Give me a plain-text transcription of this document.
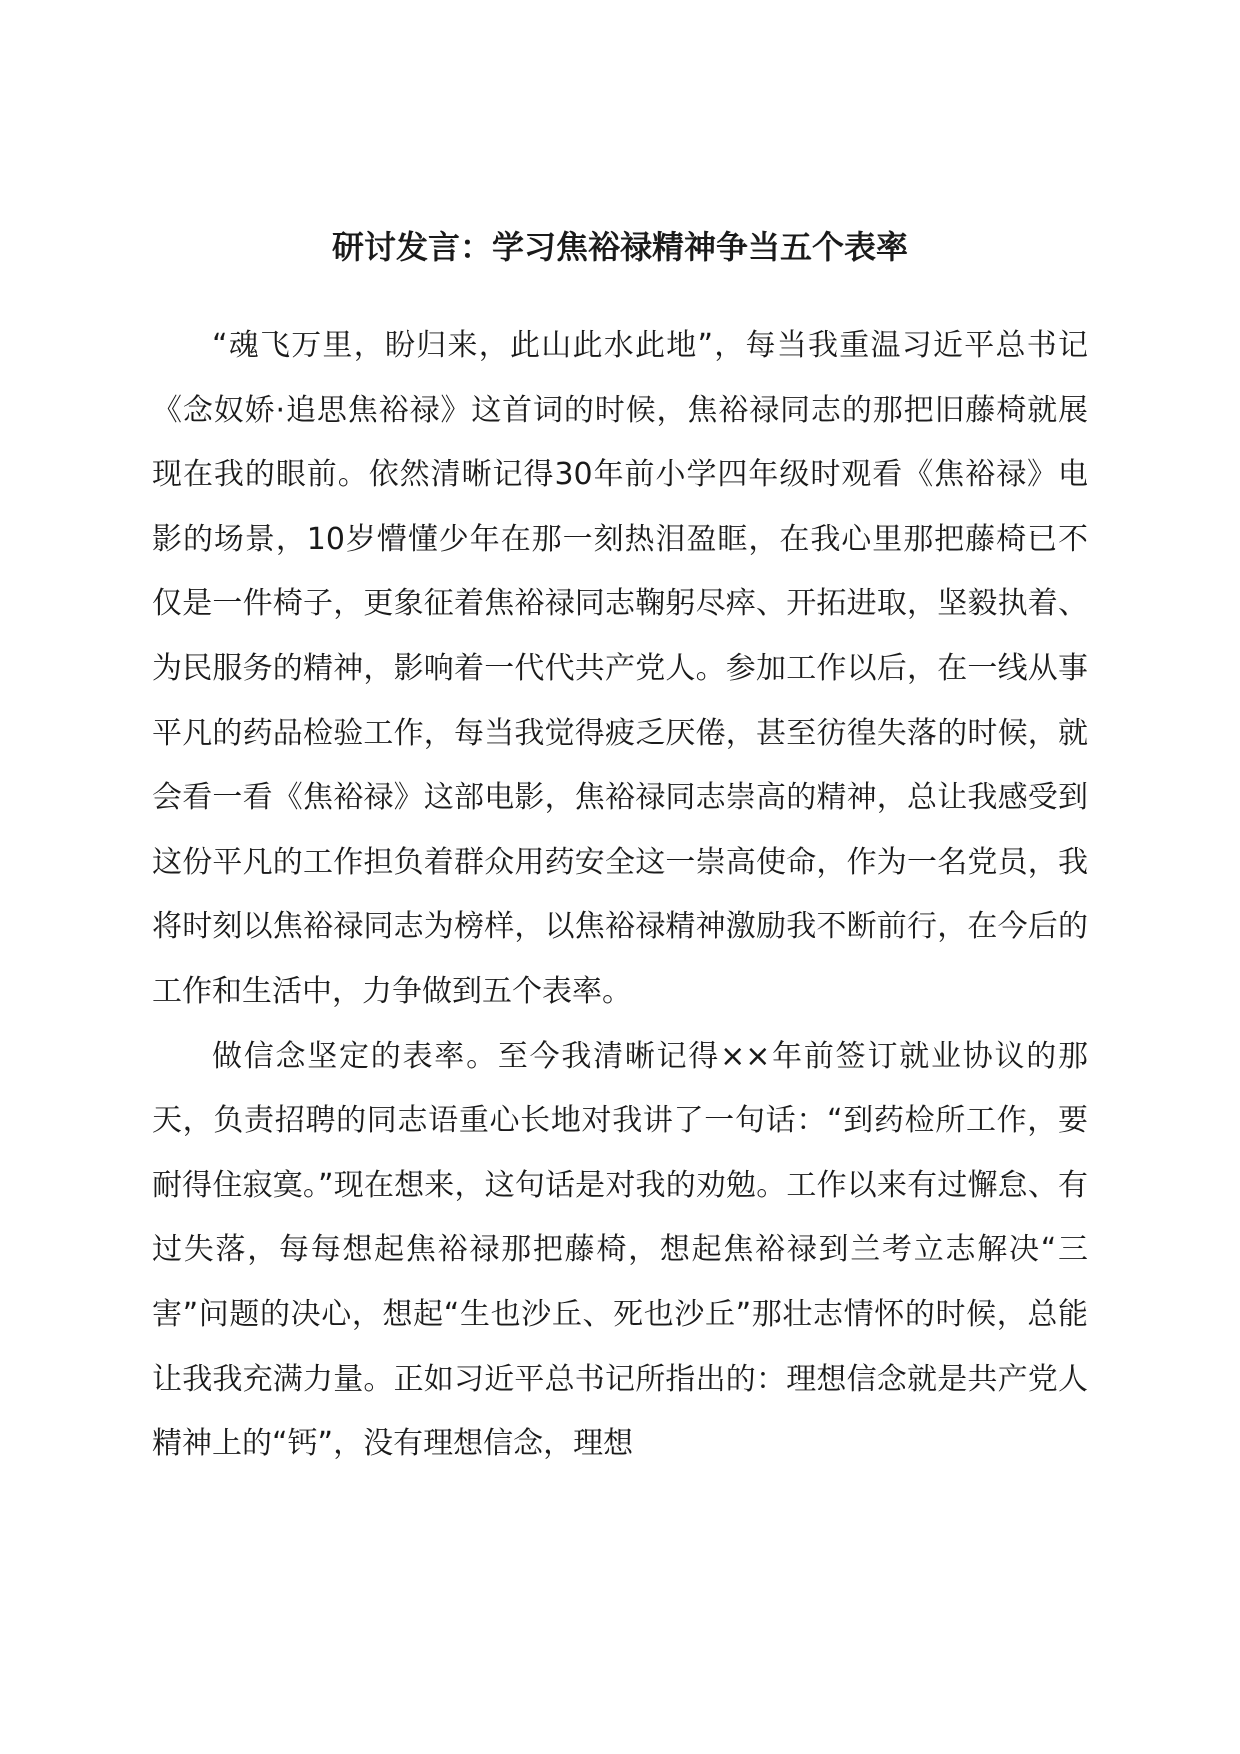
研讨发言：学习焦裕禄精神争当五个表率

“魂飞万里，盼归来，此山此水此地”，每当我重温习近平总书记《念奴娇·追思焦裕禄》这首词的时候，焦裕禄同志的那把旧藤椅就展现在我的眼前。依然清晰记得30年前小学四年级时观看《焦裕禄》电影的场景，10岁懵懂少年在那一刻热泪盈眶，在我心里那把藤椅已不仅是一件椅子，更象征着焦裕禄同志鞠躬尽瘁、开拓进取，坚毅执着、为民服务的精神，影响着一代代共产党人。参加工作以后，在一线从事平凡的药品检验工作，每当我觉得疲乏厌倦，甚至彷徨失落的时候，就会看一看《焦裕禄》这部电影，焦裕禄同志崇高的精神，总让我感受到这份平凡的工作担负着群众用药安全这一崇高使命，作为一名党员，我将时刻以焦裕禄同志为榜样，以焦裕禄精神激励我不断前行，在今后的工作和生活中，力争做到五个表率。

做信念坚定的表率。至今我清晰记得××年前签订就业协议的那天，负责招聘的同志语重心长地对我讲了一句话：“到药检所工作，要耐得住寂寞。”现在想来，这句话是对我的劝勉。工作以来有过懈怠、有过失落，每每想起焦裕禄那把藤椅，想起焦裕禄到兰考立志解决“三害”问题的决心，想起“生也沙丘、死也沙丘”那壮志情怀的时候，总能让我我充满力量。正如习近平总书记所指出的：理想信念就是共产党人精神上的“钙”，没有理想信念，理想
